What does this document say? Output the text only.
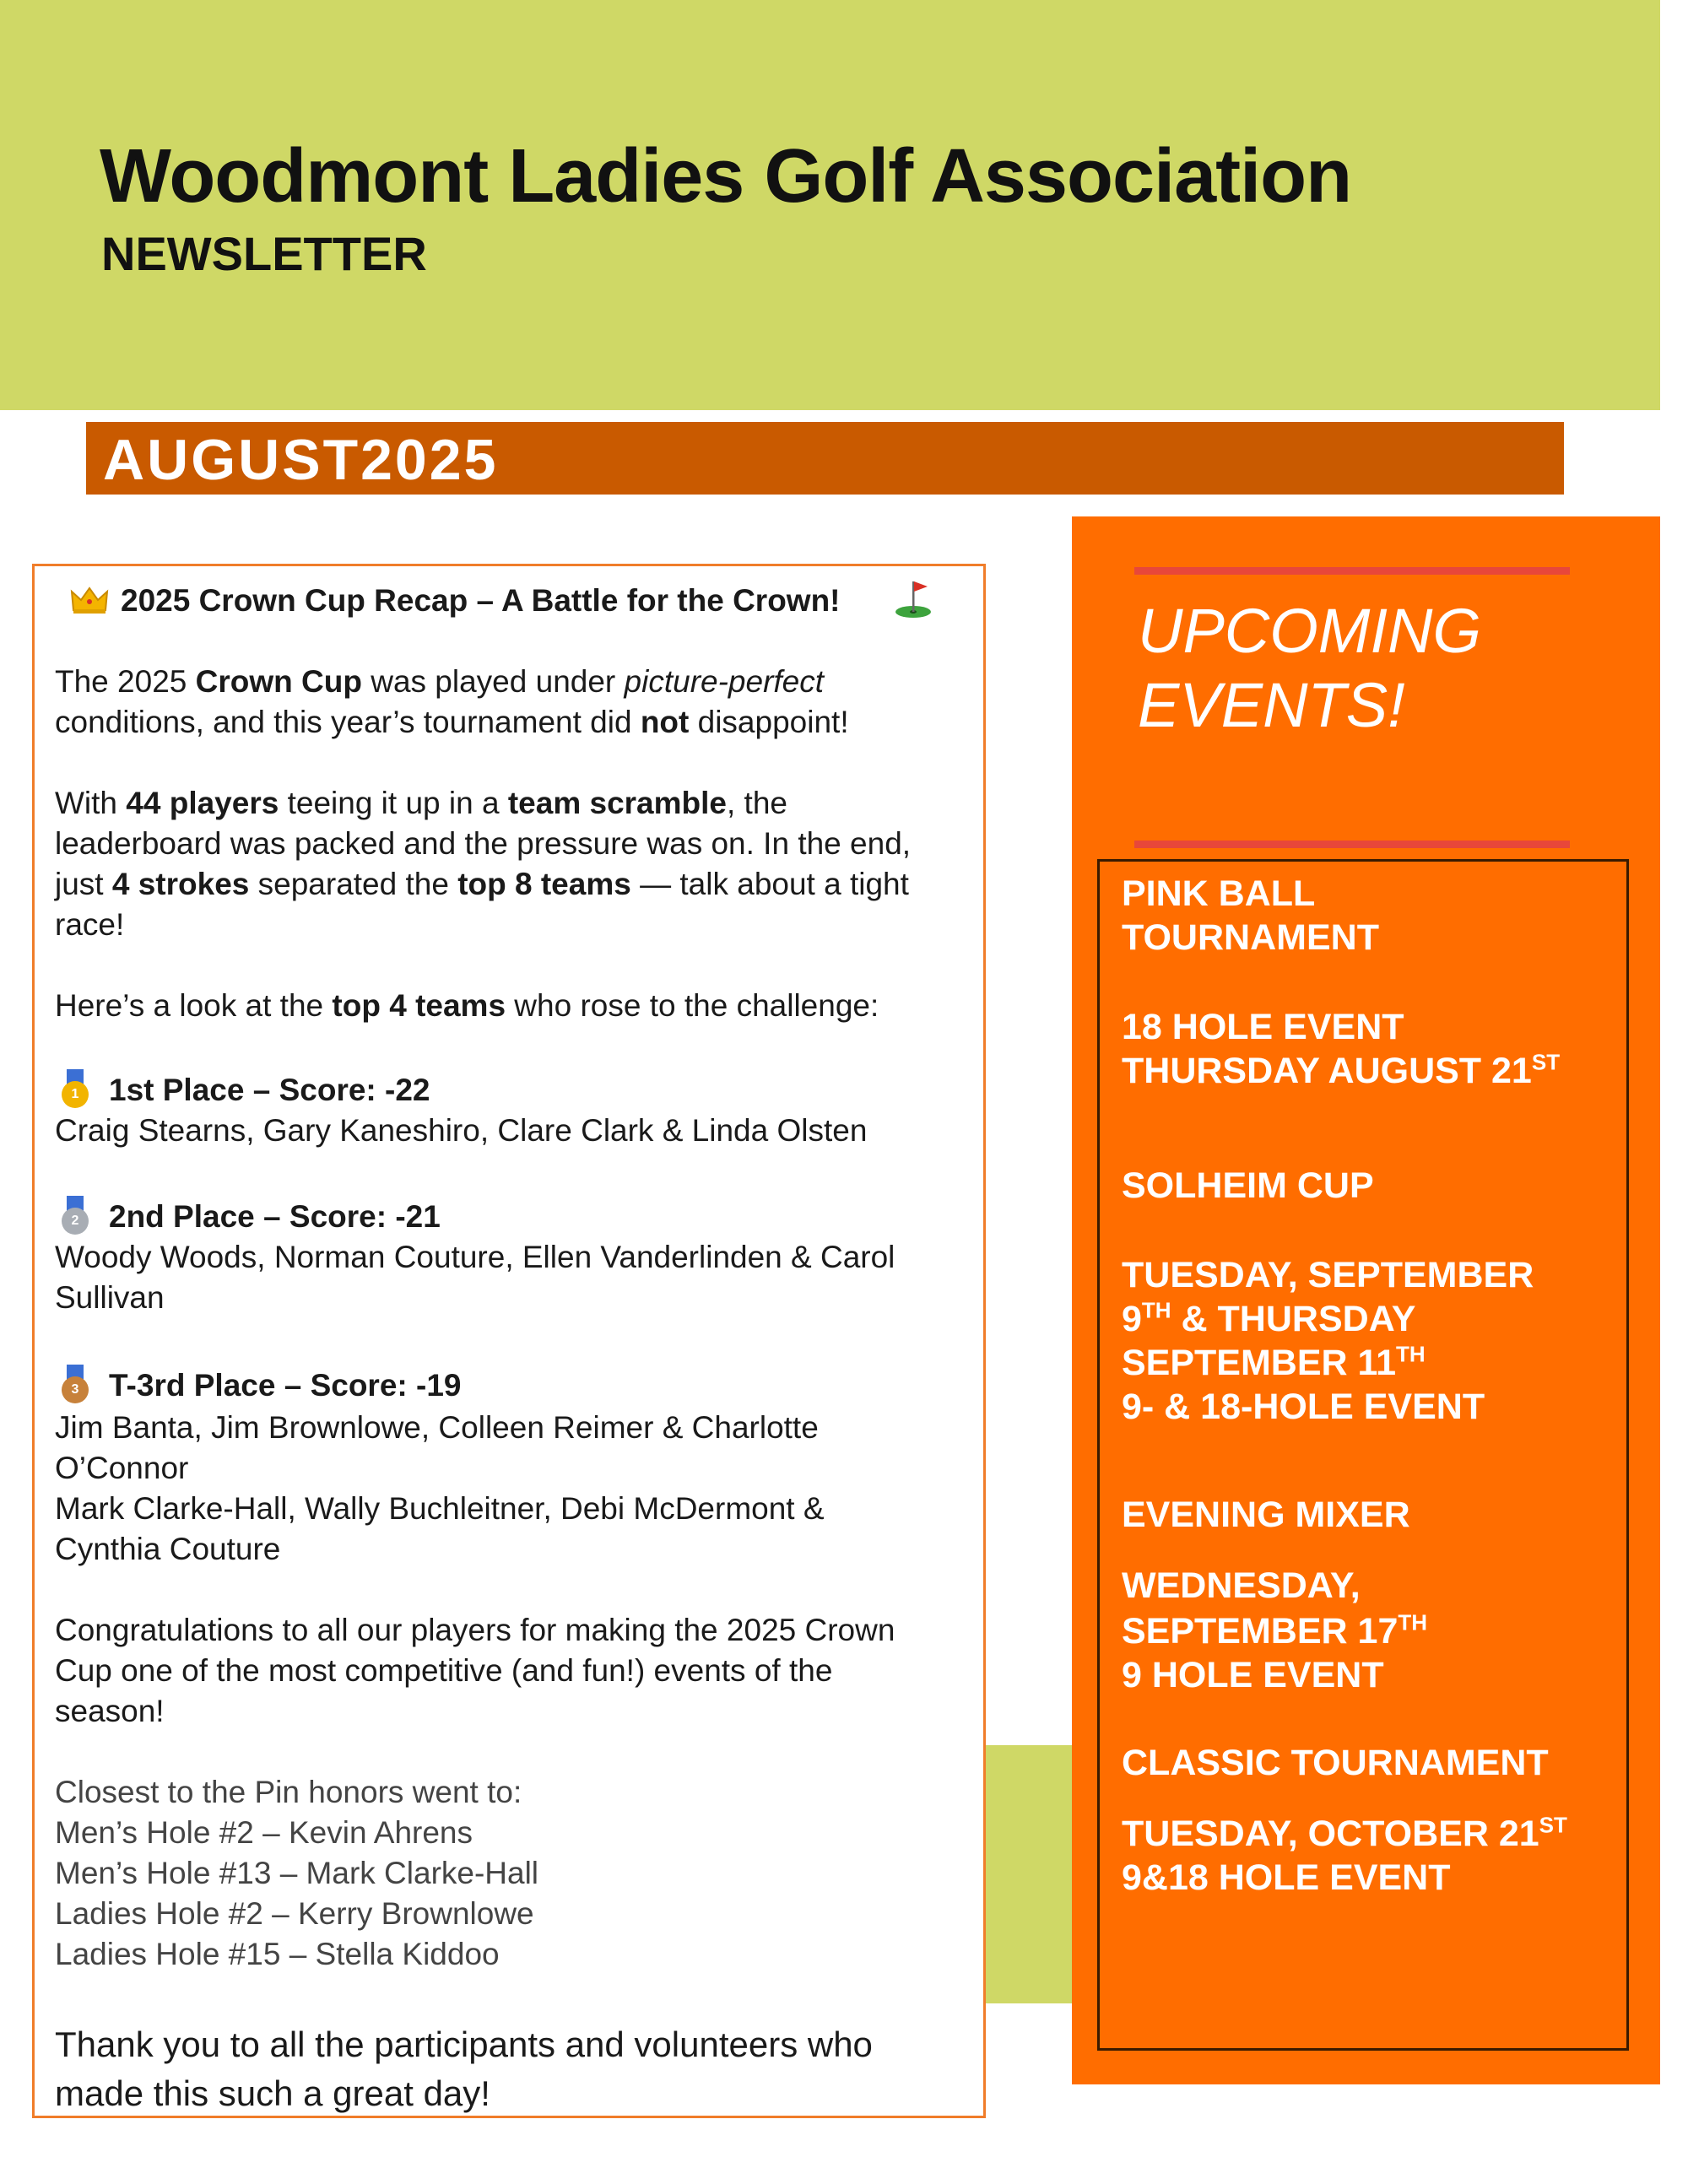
Woodmont Ladies Golf Association
NEWSLETTER
AUGUST2025
2025 Crown Cup Recap – A Battle for the Crown!
The 2025 Crown Cup was played under picture-perfect
conditions, and this year’s tournament did not disappoint!
With 44 players teeing it up in a team scramble, the
leaderboard was packed and the pressure was on. In the end,
just 4 strokes separated the top 8 teams — talk about a tight
race!
Here’s a look at the top 4 teams who rose to the challenge:
1 1st Place – Score: -22
Craig Stearns, Gary Kaneshiro, Clare Clark & Linda Olsten
2 2nd Place – Score: -21
Woody Woods, Norman Couture, Ellen Vanderlinden & Carol
Sullivan
3 T-3rd Place – Score: -19
Jim Banta, Jim Brownlowe, Colleen Reimer & Charlotte
O’Connor
Mark Clarke-Hall, Wally Buchleitner, Debi McDermont &
Cynthia Couture
Congratulations to all our players for making the 2025 Crown
Cup one of the most competitive (and fun!) events of the
season!
Closest to the Pin honors went to:
Men’s Hole #2 – Kevin Ahrens
Men’s Hole #13 – Mark Clarke-Hall
Ladies Hole #2 – Kerry Brownlowe
Ladies Hole #15 – Stella Kiddoo
Thank you to all the participants and volunteers who
made this such a great day!
UPCOMING
EVENTS!
PINK BALL
TOURNAMENT
18 HOLE EVENT
THURSDAY AUGUST 21ST
SOLHEIM CUP
TUESDAY, SEPTEMBER
9TH & THURSDAY
SEPTEMBER 11TH
9- & 18-HOLE EVENT
EVENING MIXER
WEDNESDAY,
SEPTEMBER 17TH
9 HOLE EVENT
CLASSIC TOURNAMENT
TUESDAY, OCTOBER 21ST
9&18 HOLE EVENT
